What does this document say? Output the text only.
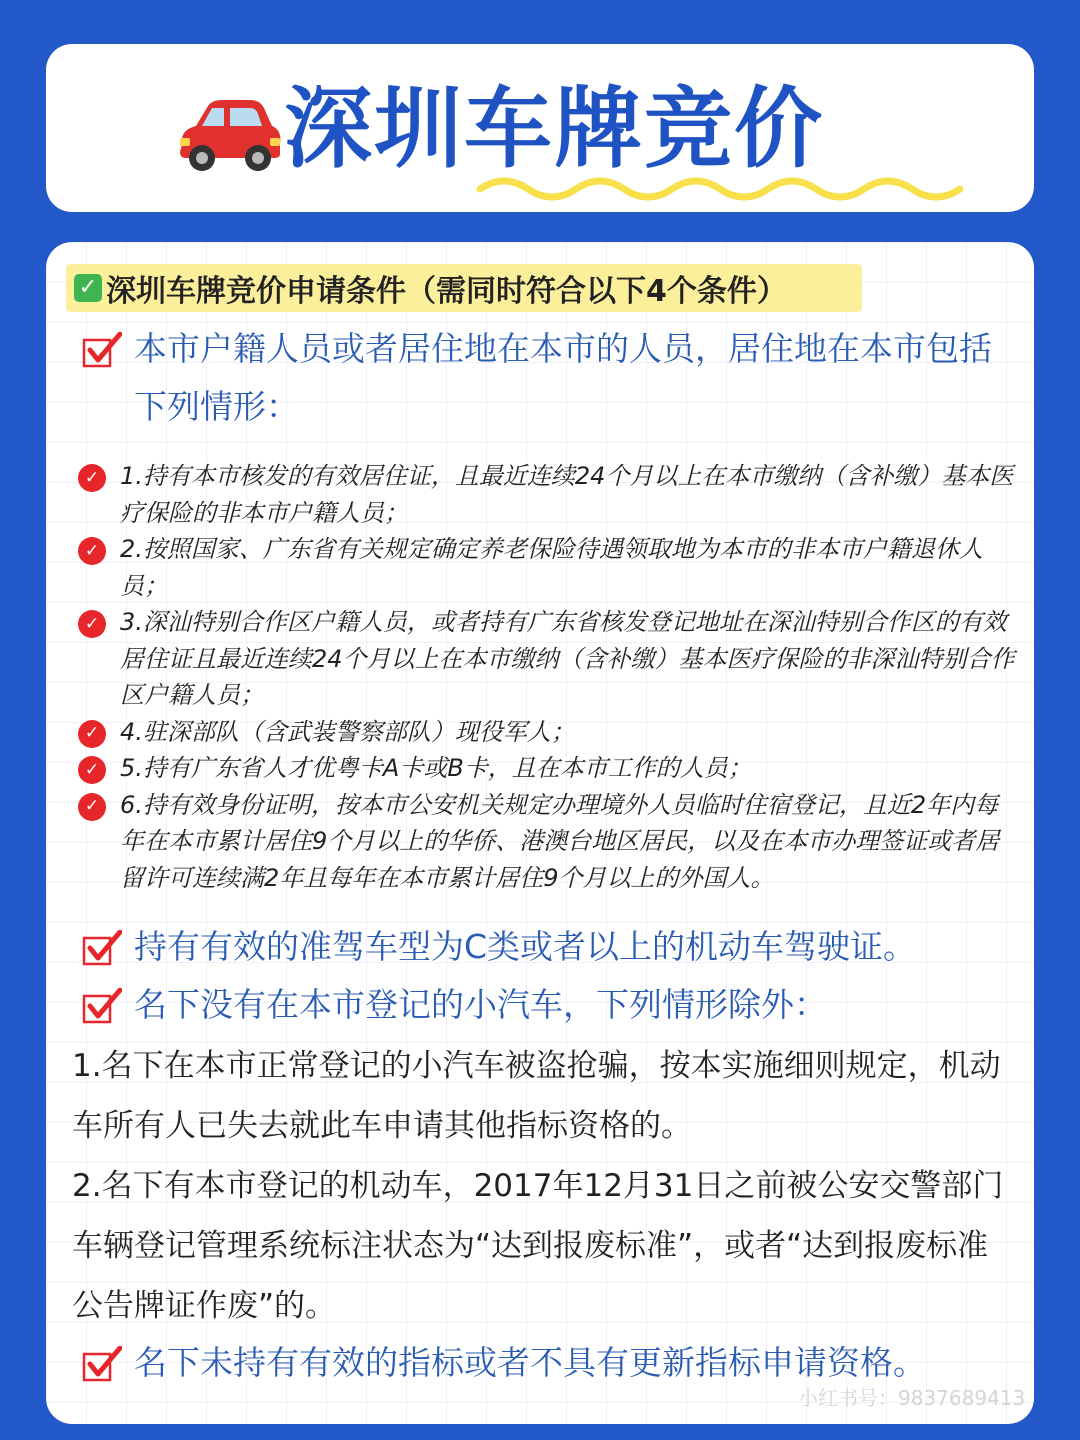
深圳车牌竞价
✓ 深圳车牌竞价申请条件（需同时符合以下4个条件）
本市户籍人员或者居住地在本市的人员，居住地在本市包括下列情形：
✓ 1.持有本市核发的有效居住证，且最近连续24个月以上在本市缴纳（含补缴）基本医疗保险的非本市户籍人员；
✓ 2.按照国家、广东省有关规定确定养老保险待遇领取地为本市的非本市户籍退休人员；
✓ 3.深汕特别合作区户籍人员，或者持有广东省核发登记地址在深汕特别合作区的有效居住证且最近连续24个月以上在本市缴纳（含补缴）基本医疗保险的非深汕特别合作区户籍人员；
✓ 4.驻深部队（含武装警察部队）现役军人；
✓ 5.持有广东省人才优粤卡A卡或B卡，且在本市工作的人员；
✓ 6.持有效身份证明，按本市公安机关规定办理境外人员临时住宿登记，且近2年内每年在本市累计居住9个月以上的华侨、港澳台地区居民，以及在本市办理签证或者居留许可连续满2年且每年在本市累计居住9个月以上的外国人。
持有有效的准驾车型为C类或者以上的机动车驾驶证。
名下没有在本市登记的小汽车，下列情形除外：
1.名下在本市正常登记的小汽车被盗抢骗，按本实施细则规定，机动车所有人已失去就此车申请其他指标资格的。
2.名下有本市登记的机动车，2017年12月31日之前被公安交警部门车辆登记管理系统标注状态为“达到报废标准”，或者“达到报废标准公告牌证作废”的。
名下未持有有效的指标或者不具有更新指标申请资格。
小红书号：9837689413
